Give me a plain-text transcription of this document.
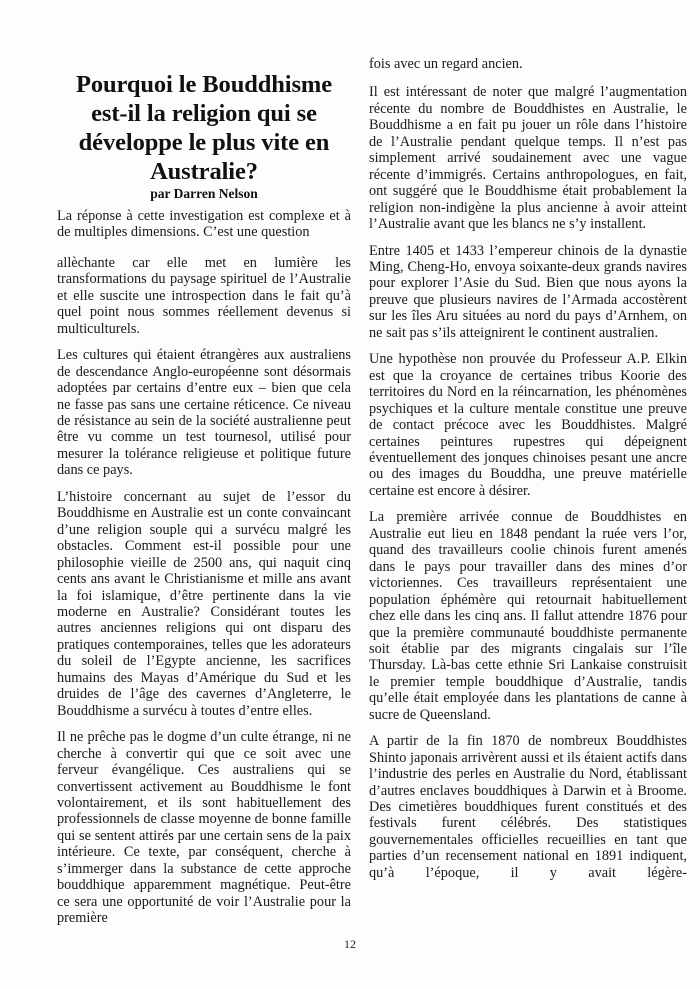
Pourquoi le Bouddhisme est-il la religion qui se développe le plus vite en Australie?
par Darren Nelson

La réponse à cette investigation est complexe et à de multiples dimensions. C’est une question

allèchante car elle met en lumière les transformations du paysage spirituel de l’Australie et elle suscite une introspection dans le fait qu’à quel point nous sommes réellement devenus si multiculturels.

Les cultures qui étaient étrangères aux australiens de descendance Anglo-européenne sont désormais adoptées par certains d’entre eux – bien que cela ne fasse pas sans une certaine réticence. Ce niveau de résistance au sein de la société australienne peut être vu comme un test tournesol, utilisé pour mesurer la tolérance religieuse et politique future dans ce pays.

L’histoire concernant au sujet de l’essor du Bouddhisme en Australie est un conte convaincant d’une religion souple qui a survécu malgré les obstacles. Comment est-il possible pour une philosophie vieille de 2500 ans, qui naquit cinq cents ans avant le Christianisme et mille ans avant la foi islamique, d’être pertinente dans la vie moderne en Australie? Considérant toutes les autres anciennes religions qui ont disparu des pratiques contemporaines, telles que les adorateurs du soleil de l’Egypte ancienne, les sacrifices humains des Mayas d’Amérique du Sud et les druides de l’âge des cavernes d’Angleterre, le Bouddhisme a survécu à toutes d’entre elles.

Il ne prêche pas le dogme d’un culte étrange, ni ne cherche à convertir qui que ce soit avec une ferveur évangélique. Ces australiens qui se convertissent activement au Bouddhisme le font volontairement, et ils sont habituellement des professionnels de classe moyenne de bonne famille qui se sentent attirés par une certain sens de la paix intérieure. Ce texte, par conséquent, cherche à s’immerger dans la substance de cette approche bouddhique apparemment magnétique. Peut-être ce sera une opportunité de voir l’Australie pour la première

fois avec un regard ancien.

Il est intéressant de noter que malgré l’augmentation récente du nombre de Bouddhistes en Australie, le Bouddhisme a en fait pu jouer un rôle dans l’histoire de l’Australie pendant quelque temps. Il n’est pas simplement arrivé soudainement avec une vague récente d’immigrés. Certains anthropologues, en fait, ont suggéré que le Bouddhisme était probablement la religion non-indigène la plus ancienne à avoir atteint l’Australie avant que les blancs ne s’y installent.

Entre 1405 et 1433 l’empereur chinois de la dynastie Ming, Cheng-Ho, envoya soixante-deux grands navires pour explorer l’Asie du Sud. Bien que nous ayons la preuve que plusieurs navires de l’Armada accostèrent sur les îles Aru situées au nord du pays d’Arnhem, on ne sait pas s’ils atteignirent le continent australien.

Une hypothèse non prouvée du Professeur A.P. Elkin est que la croyance de certaines tribus Koorie des territoires du Nord en la réincarnation, les phénomènes psychiques et la culture mentale constitue une preuve de contact précoce avec les Bouddhistes. Malgré certaines peintures rupestres qui dépeignent éventuellement des jonques chinoises pesant une ancre ou des images du Bouddha, une preuve matérielle certaine est encore à désirer.

La première arrivée connue de Bouddhistes en Australie eut lieu en 1848 pendant la ruée vers l’or, quand des travailleurs coolie chinois furent amenés dans le pays pour travailler dans des mines d’or victoriennes. Ces travailleurs représentaient une population éphémère qui retournait habituellement chez elle dans les cinq ans. Il fallut attendre 1876 pour que la première communauté bouddhiste permanente soit établie par des migrants cingalais sur l’île Thursday. Là-bas cette ethnie Sri Lankaise construisit le premier temple bouddhique d’Australie, tandis qu’elle était employée dans les plantations de canne à sucre de Queensland.

A partir de la fin 1870 de nombreux Bouddhistes Shinto japonais arrivèrent aussi et ils étaient actifs dans l’industrie des perles en Australie du Nord, établissant d’autres enclaves bouddhiques à Darwin et à Broome. Des cimetières bouddhiques furent constitués et des festivals furent célébrés. Des statistiques gouvernementales officielles recueillies en tant que parties d’un recensement national en 1891 indiquent, qu’à l’époque, il y avait légère-

12
